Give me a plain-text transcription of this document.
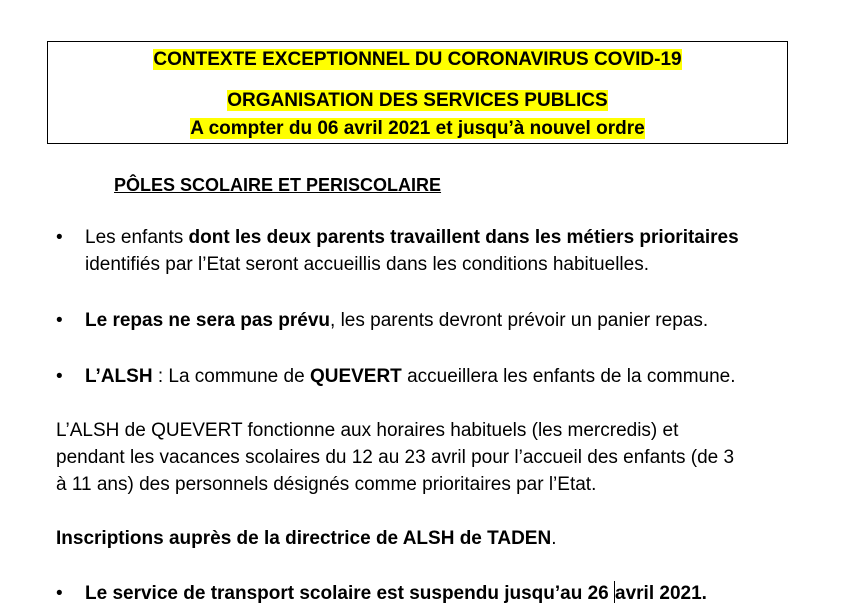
CONTEXTE EXCEPTIONNEL DU CORONAVIRUS COVID-19
ORGANISATION DES SERVICES PUBLICS
A compter du 06 avril 2021 et jusqu’à nouvel ordre
PÔLES SCOLAIRE ET PERISCOLAIRE
•	Les enfants dont les deux parents travaillent dans les métiers prioritaires
identifiés par l’Etat seront accueillis dans les conditions habituelles.
•	Le repas ne sera pas prévu, les parents devront prévoir un panier repas.
•	L’ALSH : La commune de QUEVERT accueillera les enfants de la commune.
L’ALSH de QUEVERT fonctionne aux horaires habituels (les mercredis) et
pendant les vacances scolaires du 12 au 23 avril pour l’accueil des enfants (de 3
à 11 ans) des personnels désignés comme prioritaires par l’Etat.
Inscriptions auprès de la directrice de ALSH de TADEN.
•	Le service de transport scolaire est suspendu jusqu’au 26 avril 2021.
